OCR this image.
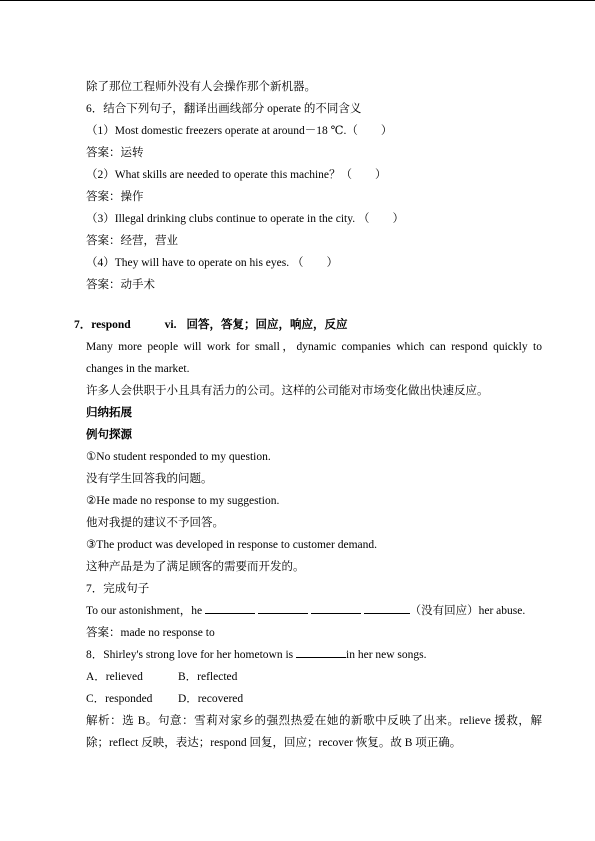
除了那位工程师外没有人会操作那个新机器。
6．结合下列句子，翻译出画线部分 operate 的不同含义
（1）Most domestic freezers operate at around－18 ℃.（　　）
答案：运转
（2）What skills are needed to operate this machine？（　　）
答案：操作
（3）Illegal drinking clubs continue to operate in the city. （　　）
答案：经营，营业
（4）They will have to operate on his eyes. （　　）
答案：动手术
7．respond	vi. 回答，答复；回应，响应，反应
Many more people will work for small，dynamic companies which can respond quickly to changes in the market.
许多人会供职于小且具有活力的公司。这样的公司能对市场变化做出快速反应。
归纳拓展
例句探源
①No student responded to my question.
没有学生回答我的问题。
②He made no response to my suggestion.
他对我提的建议不予回答。
③The product was developed in response to customer demand.
这种产品是为了满足顾客的需要而开发的。
7．完成句子
To our astonishment，he	（没有回应）her abuse.
答案：made no response to
8．Shirley's strong love for her hometown is	in her new songs.
A．relieved	B．reflected
C．responded D．recovered
解析：选 B。句意：雪莉对家乡的强烈热爱在她的新歌中反映了出来。relieve 援救，解除；reflect 反映，表达；respond 回复，回应；recover 恢复。故 B 项正确。
